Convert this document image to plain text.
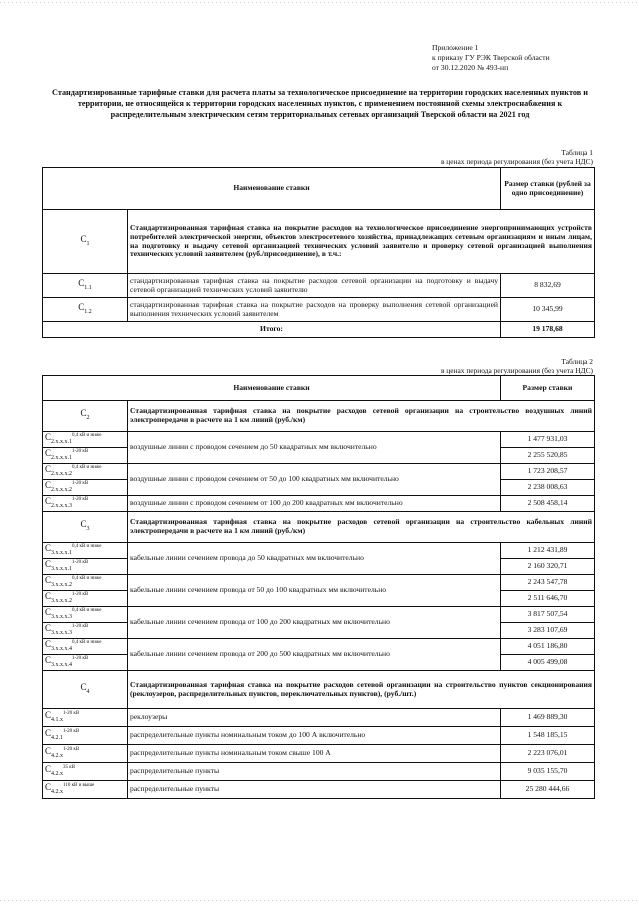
Приложение 1
к приказу ГУ РЭК Тверской области
от 30.12.2020 № 493-нп
Стандартизированные тарифные ставки для расчета платы за технологическое присоединение на территории городских населенных пунктов и территории, не относящейся к территории городских населенных пунктов, с применением постоянной схемы электроснабжения к распределительным электрическим сетям территориальных сетевых организаций Тверской области на 2021 год
Таблица 1
в ценах периода регулирования (без учета НДС)
Наименование ставки		Размер ставки (рублей за одно присоединение)
$C_1$	Стандартизированная тарифная ставка на покрытие расходов на технологическое присоединение энергопринимающих устройств потребителей электрической энергии, объектов электросетевого хозяйства, принадлежащих сетевым организациям и иным лицам, на подготовку и выдачу сетевой организацией технических условий заявителю и проверку сетевой организацией выполнения технических условий заявителем (руб./присоединение), в т.ч.:	
$C_{1.1}$	стандартизированная тарифная ставка на покрытие расходов сетевой организации на подготовку и выдачу сетевой организацией технических условий заявителю	8 832,69
$C_{1.2}$	стандартизированная тарифная ставка на покрытие расходов на проверку выполнения сетевой организацией выполнения технических условий заявителем	10 345,99
Итого:		19 178,68
Таблица 2
в ценах периода регулирования (без учета НДС)
Наименование ставки		Размер ставки
$C_2$	Стандартизированная тарифная ставка на покрытие расходов сетевой организации на строительство воздушных линий электропередачи в расчете на 1 км линий (руб./км)	
$C_{2.х.х.х.1}^{0,4 кВ и ниже}$	воздушные линии с проводом сечением до 50 квадратных мм включительно	1 477 931,03
$C_{2.х.х.х.1}^{1-20 кВ}$		2 255 520,85
$C_{2.х.х.х.2}^{0,4 кВ и ниже}$	воздушные линии с проводом сечением от 50 до 100 квадратных мм включительно	1 723 208,57
$C_{2.х.х.х.2}^{1-20 кВ}$		2 238 008,63
$C_{2.х.х.х.3}^{1-20 кВ}$	воздушные линии с проводом сечением от 100 до 200 квадратных мм включительно	2 508 458,14
$C_3$	Стандартизированная тарифная ставка на покрытие расходов сетевой организации на строительство кабельных линий электропередачи в расчете на 1 км линий (руб./км)	
$C_{3.х.х.х.1}^{0,4 кВ и ниже}$	кабельные линии сечением провода до 50 квадратных мм включительно	1 212 431,89
$C_{3.х.х.х.1}^{1-20 кВ}$		2 160 320,71
$C_{3.х.х.х.2}^{0,4 кВ и ниже}$	кабельные линии сечением провода от 50 до 100 квадратных мм включительно	2 243 547,78
$C_{3.х.х.х.2}^{1-20 кВ}$		2 511 646,70
$C_{3.х.х.х.3}^{0,4 кВ и ниже}$	кабельные линии сечением провода от 100 до 200 квадратных мм включительно	3 817 507,54
$C_{3.х.х.х.3}^{1-20 кВ}$		3 283 107,69
$C_{3.х.х.х.4}^{0,4 кВ и ниже}$	кабельные линии сечением провода от 200 до 500 квадратных мм включительно	4 051 186,80
$C_{3.х.х.х.4}^{1-20 кВ}$		4 005 499,08
$C_4$	Стандартизированная тарифная ставка на покрытие расходов сетевой организации на строительство пунктов секционирования (реклоузеров, распределительных пунктов, переключательных пунктов), (руб./шт.)	
$C_{4.1.х}^{1-20 кВ}$	реклоузеры	1 469 889,30
$C_{4.2.1}^{1-20 кВ}$	распределительные пункты номинальным током до 100 А включительно	1 548 185,15
$C_{4.2.х}^{1-20 кВ}$	распределительные пункты номинальным током свыше 100 А	2 223 076,01
$C_{4.2.х}^{35 кВ}$	распределительные пункты	9 035 155,70
$C_{4.2.х}^{110 кВ и выше}$	распределительные пункты	25 280 444,66
